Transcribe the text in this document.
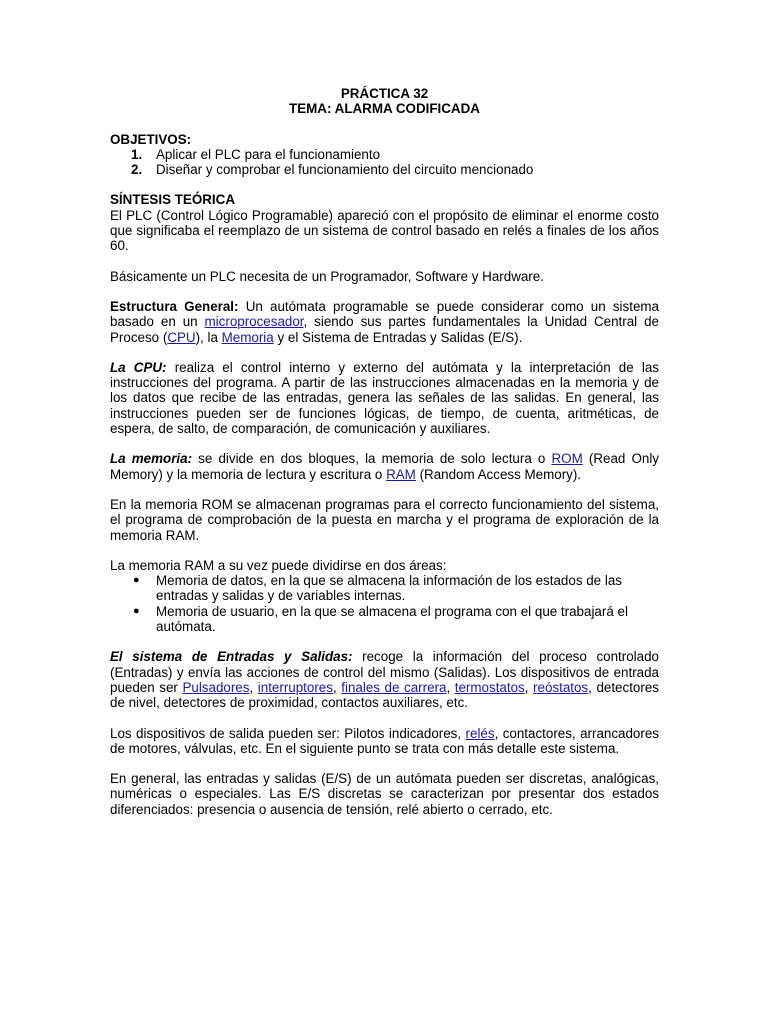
PRÁCTICA 32

TEMA: ALARMA CODIFICADA

OBJETIVOS:

1. Aplicar el PLC para el funcionamiento
2. Diseñar y comprobar el funcionamiento del circuito mencionado

SÍNTESIS TEÓRICA

El PLC (Control Lógico Programable) apareció con el propósito de eliminar el enorme costo que significaba el reemplazo de un sistema de control basado en relés a finales de los años 60.

Básicamente un PLC necesita de un Programador, Software y Hardware.

Estructura General: Un autómata programable se puede considerar como un sistema basado en un microprocesador, siendo sus partes fundamentales la Unidad Central de Proceso (CPU), la Memoria y el Sistema de Entradas y Salidas (E/S).

La CPU: realiza el control interno y externo del autómata y la interpretación de las instrucciones del programa. A partir de las instrucciones almacenadas en la memoria y de los datos que recibe de las entradas, genera las señales de las salidas. En general, las instrucciones pueden ser de funciones lógicas, de tiempo, de cuenta, aritméticas, de espera, de salto, de comparación, de comunicación y auxiliares.

La memoria: se divide en dos bloques, la memoria de solo lectura o ROM (Read Only Memory) y la memoria de lectura y escritura o RAM (Random Access Memory).

En la memoria ROM se almacenan programas para el correcto funcionamiento del sistema, el programa de comprobación de la puesta en marcha y el programa de exploración de la memoria RAM.

La memoria RAM a su vez puede dividirse en dos áreas:

● Memoria de datos, en la que se almacena la información de los estados de las entradas y salidas y de variables internas.
● Memoria de usuario, en la que se almacena el programa con el que trabajará el autómata.

El sistema de Entradas y Salidas: recoge la información del proceso controlado (Entradas) y envía las acciones de control del mismo (Salidas). Los dispositivos de entrada pueden ser Pulsadores, interruptores, finales de carrera, termostatos, reóstatos, detectores de nivel, detectores de proximidad, contactos auxiliares, etc.

Los dispositivos de salida pueden ser: Pilotos indicadores, relés, contactores, arrancadores de motores, válvulas, etc. En el siguiente punto se trata con más detalle este sistema.

En general, las entradas y salidas (E/S) de un autómata pueden ser discretas, analógicas, numéricas o especiales. Las E/S discretas se caracterizan por presentar dos estados diferenciados: presencia o ausencia de tensión, relé abierto o cerrado, etc.
